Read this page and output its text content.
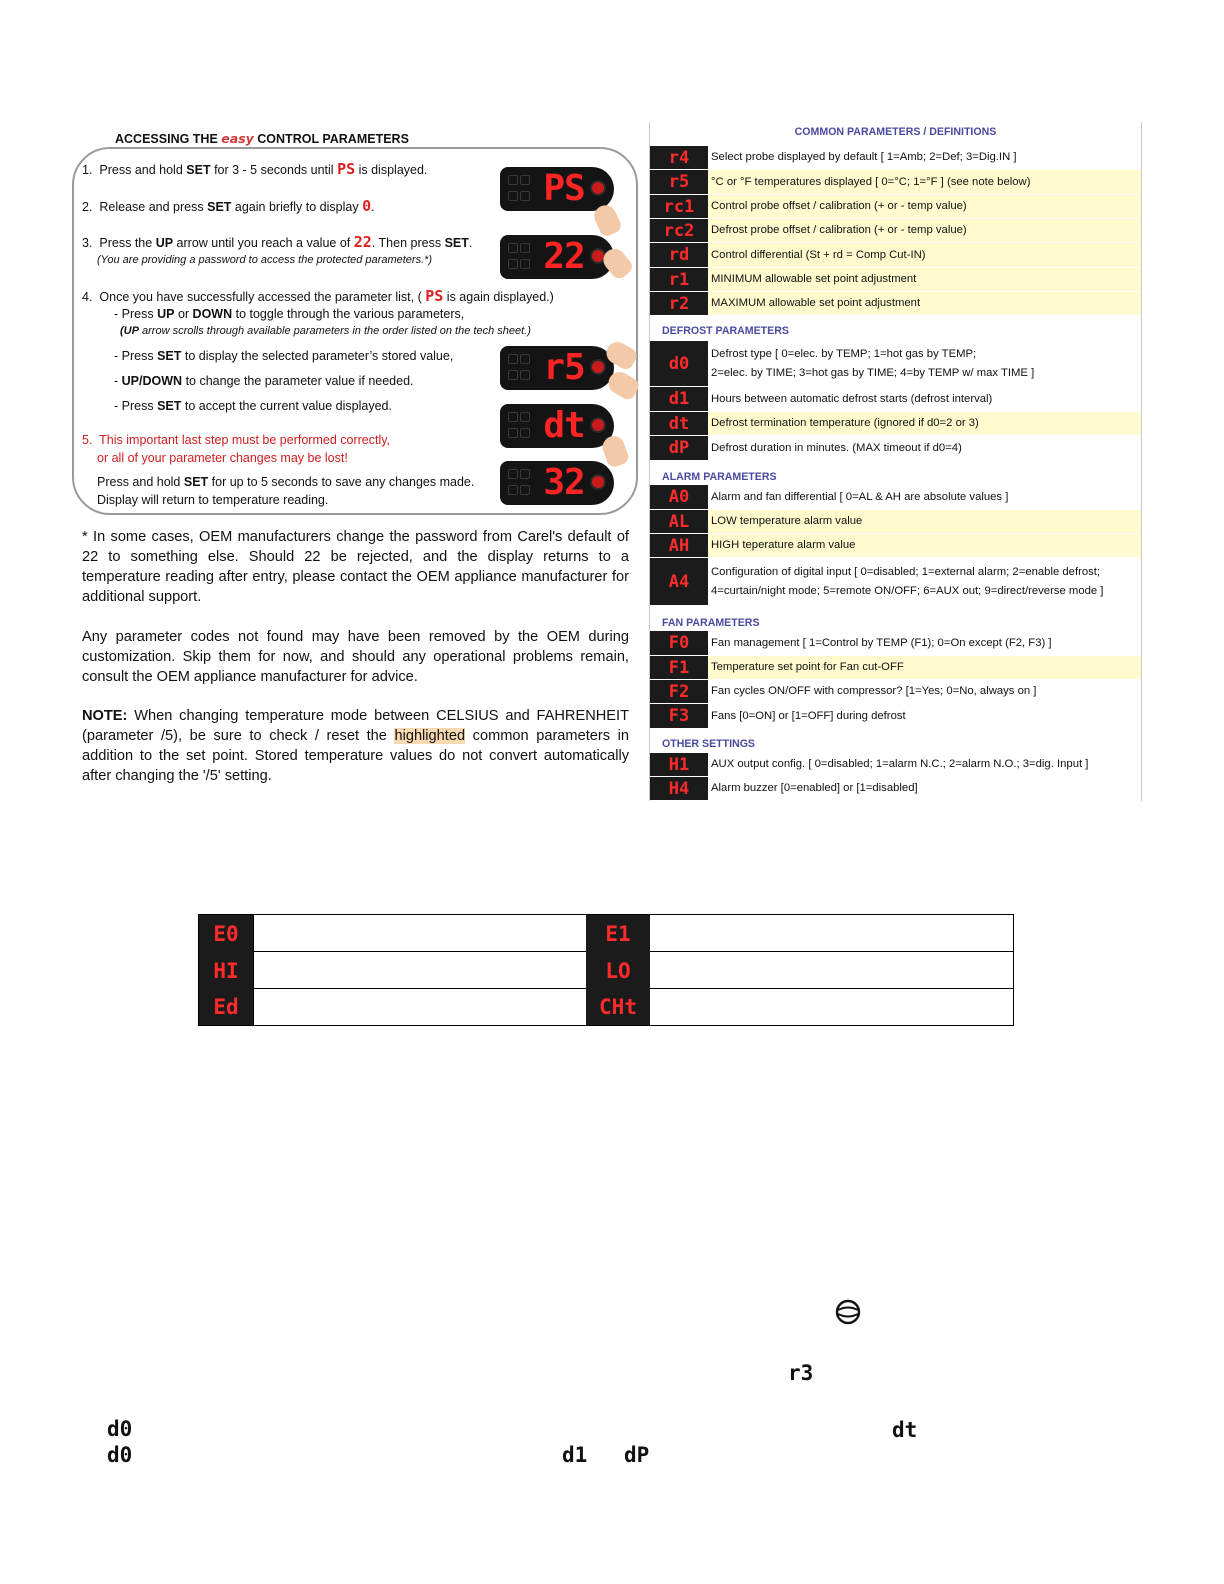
ACCESSING THE easy CONTROL PARAMETERS
1. Press and hold SET for 3 - 5 seconds until PS is displayed.
2. Release and press SET again briefly to display 0.
3. Press the UP arrow until you reach a value of 22. Then press SET.
(You are providing a password to access the protected parameters.*)
4. Once you have successfully accessed the parameter list, ( PS is again displayed.)
- Press UP or DOWN to toggle through the various parameters,
(UP arrow scrolls through available parameters in the order listed on the tech sheet.)
- Press SET to display the selected parameter’s stored value,
- UP/DOWN to change the parameter value if needed.
- Press SET to accept the current value displayed.
5. This important last step must be performed correctly,
or all of your parameter changes may be lost!
Press and hold SET for up to 5 seconds to save any changes made.
Display will return to temperature reading.
PS
22
r5
dt
32
* In some cases, OEM manufacturers change the password from Carel's default of 22 to something else. Should 22 be rejected, and the display returns to a temperature reading after entry, please contact the OEM appliance manufacturer for additional support.
Any parameter codes not found may have been removed by the OEM during customization. Skip them for now, and should any operational problems remain, consult the OEM appliance manufacturer for advice.
NOTE: When changing temperature mode between CELSIUS and FAHRENHEIT (parameter /5), be sure to check / reset the highlighted common parameters in addition to the set point. Stored temperature values do not convert automatically after changing the '/5' setting.
COMMON PARAMETERS / DEFINITIONS
r4	Select probe displayed by default [ 1=Amb; 2=Def; 3=Dig.IN ]
r5	°C or °F temperatures displayed [ 0=°C; 1=°F ] (see note below)
rc1	Control probe offset / calibration (+ or - temp value)
rc2	Defrost probe offset / calibration (+ or - temp value)
rd	Control differential (St + rd = Comp Cut-IN)
r1	MINIMUM allowable set point adjustment
r2	MAXIMUM allowable set point adjustment
DEFROST PARAMETERS
d0	Defrost type [ 0=elec. by TEMP; 1=hot gas by TEMP;
2=elec. by TIME; 3=hot gas by TIME; 4=by TEMP w/ max TIME ]
d1	Hours between automatic defrost starts (defrost interval)
dt	Defrost termination temperature (ignored if d0=2 or 3)
dP	Defrost duration in minutes. (MAX timeout if d0=4)
ALARM PARAMETERS
A0	Alarm and fan differential [ 0=AL & AH are absolute values ]
AL	LOW temperature alarm value
AH	HIGH teperature alarm value
A4	Configuration of digital input [ 0=disabled; 1=external alarm; 2=enable defrost;
4=curtain/night mode; 5=remote ON/OFF; 6=AUX out; 9=direct/reverse mode ]
FAN PARAMETERS
F0	Fan management [ 1=Control by TEMP (F1); 0=On except (F2, F3) ]
F1	Temperature set point for Fan cut-OFF
F2	Fan cycles ON/OFF with compressor? [1=Yes; 0=No, always on ]
F3	Fans [0=ON] or [1=OFF] during defrost
OTHER SETTINGS
H1	AUX output config. [ 0=disabled; 1=alarm N.C.; 2=alarm N.O.; 3=dig. Input ]
H4	Alarm buzzer [0=enabled] or [1=disabled]
E0	E1
HI	LO
Ed	CHt
r3
d0	dt
d0	d1 dP
